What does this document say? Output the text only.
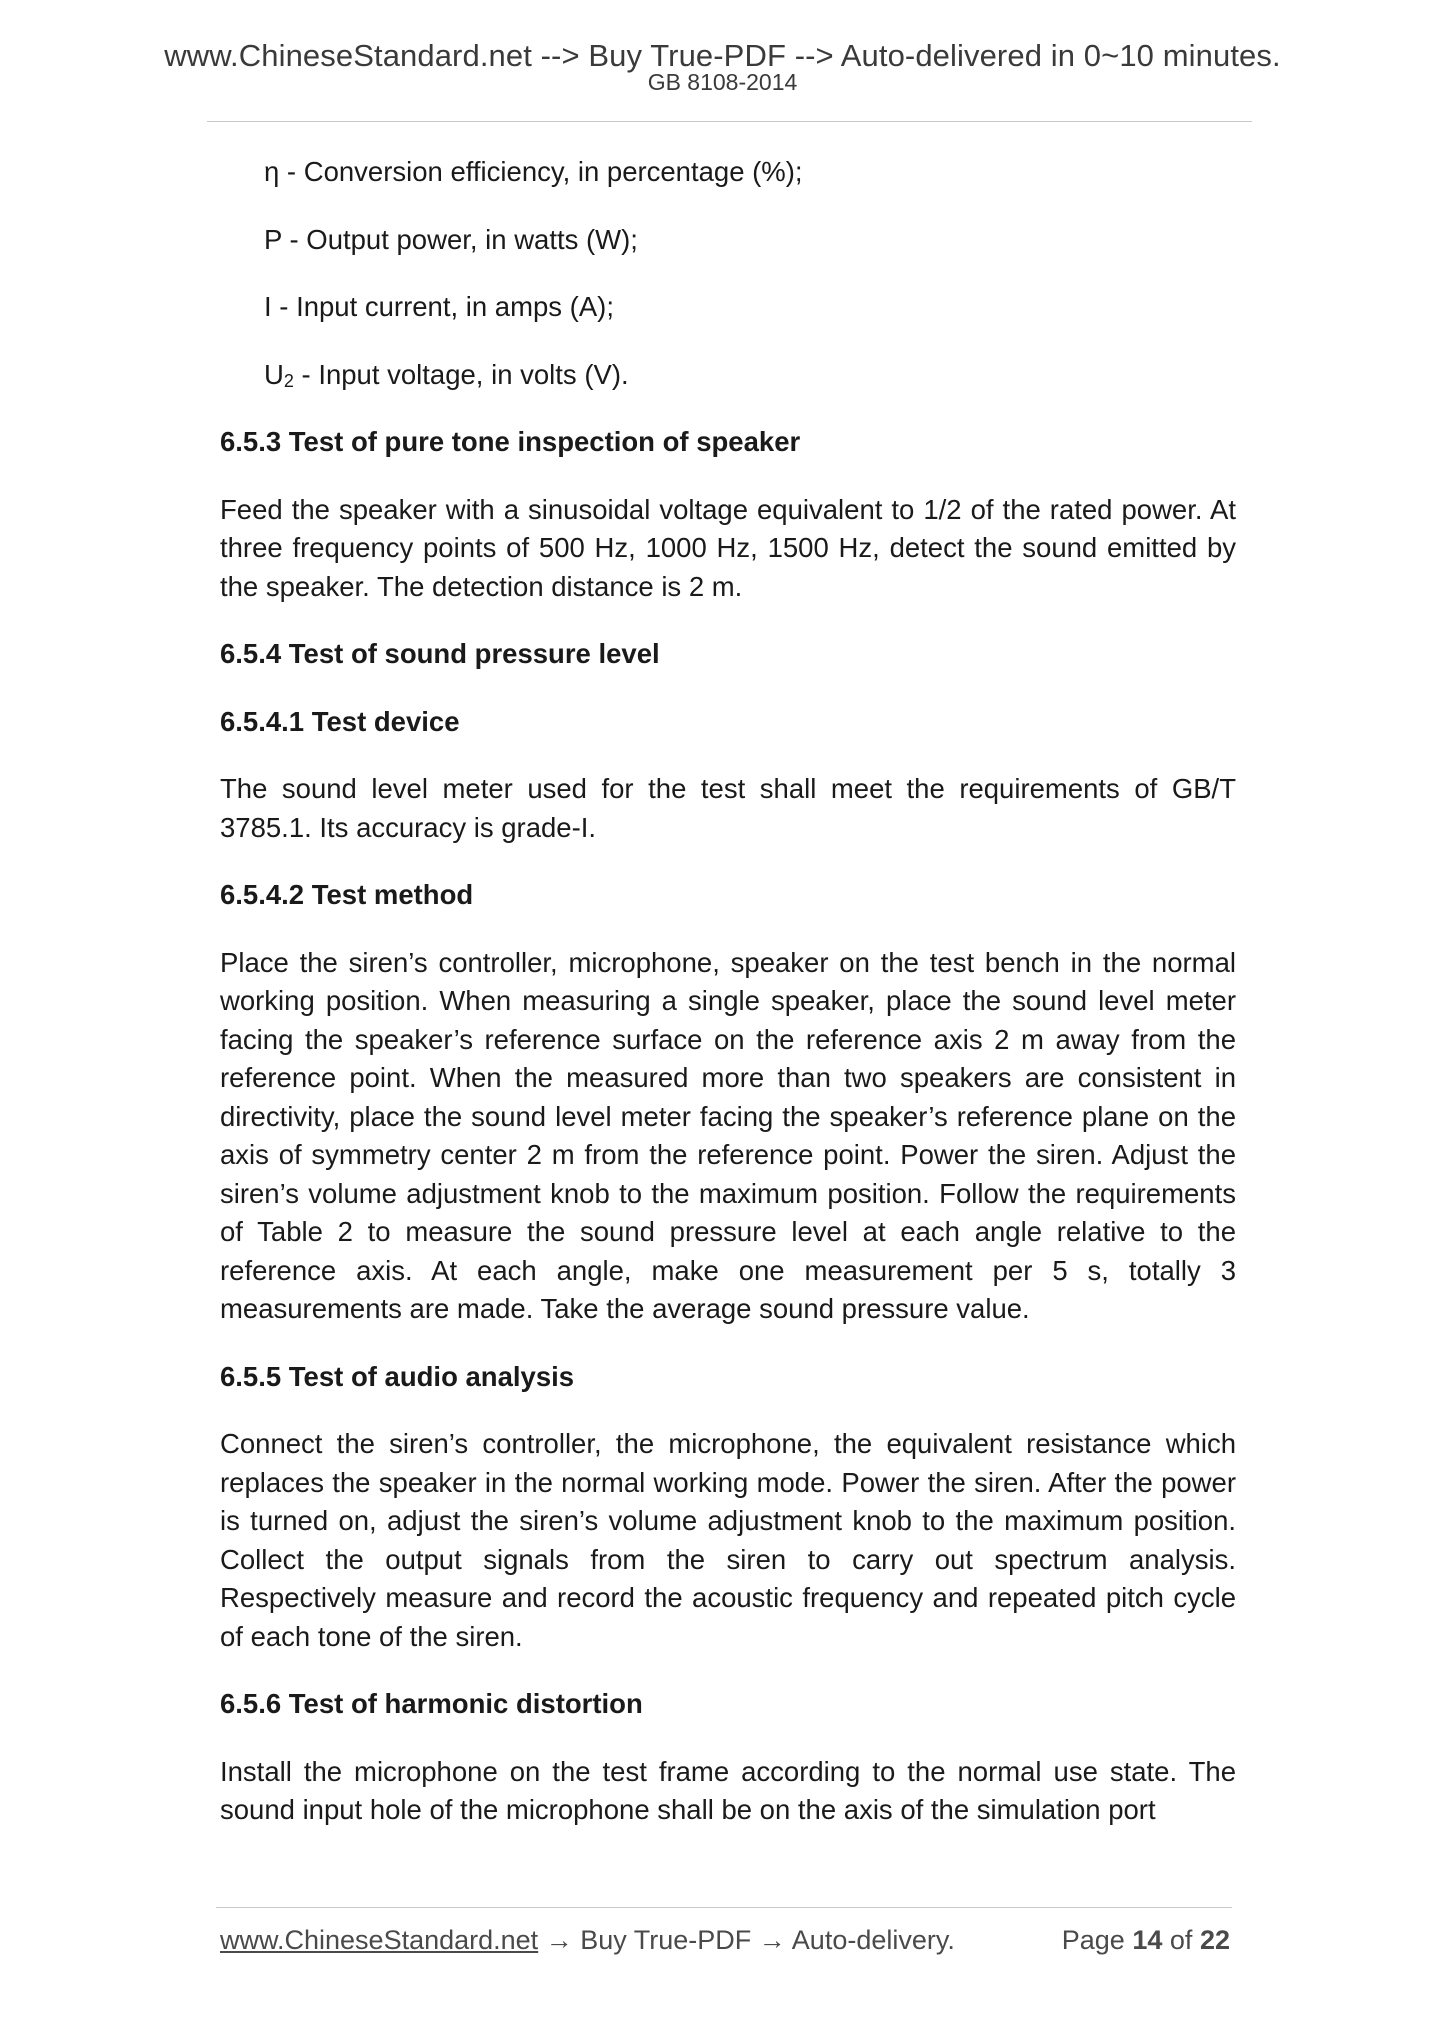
www.ChineseStandard.net --> Buy True-PDF --> Auto-delivered in 0~10 minutes.
GB 8108-2014
η - Conversion efficiency, in percentage (%);
P - Output power, in watts (W);
I - Input current, in amps (A);
$U_2$ - Input voltage, in volts (V).
6.5.3 Test of pure tone inspection of speaker
Feed the speaker with a sinusoidal voltage equivalent to 1/2 of the rated power. At three frequency points of 500 Hz, 1000 Hz, 1500 Hz, detect the sound emitted by the speaker. The detection distance is 2 m.
6.5.4 Test of sound pressure level
6.5.4.1 Test device
The sound level meter used for the test shall meet the requirements of GB/T 3785.1. Its accuracy is grade-I.
6.5.4.2 Test method
Place the siren’s controller, microphone, speaker on the test bench in the normal working position. When measuring a single speaker, place the sound level meter facing the speaker’s reference surface on the reference axis 2 m away from the reference point. When the measured more than two speakers are consistent in directivity, place the sound level meter facing the speaker’s reference plane on the axis of symmetry center 2 m from the reference point. Power the siren. Adjust the siren’s volume adjustment knob to the maximum position. Follow the requirements of Table 2 to measure the sound pressure level at each angle relative to the reference axis. At each angle, make one measurement per 5 s, totally 3 measurements are made. Take the average sound pressure value.
6.5.5 Test of audio analysis
Connect the siren’s controller, the microphone, the equivalent resistance which replaces the speaker in the normal working mode. Power the siren. After the power is turned on, adjust the siren’s volume adjustment knob to the maximum position. Collect the output signals from the siren to carry out spectrum analysis. Respectively measure and record the acoustic frequency and repeated pitch cycle of each tone of the siren.
6.5.6 Test of harmonic distortion
Install the microphone on the test frame according to the normal use state. The sound input hole of the microphone shall be on the axis of the simulation port
www.ChineseStandard.net → Buy True-PDF → Auto-delivery.	Page 14 of 22
